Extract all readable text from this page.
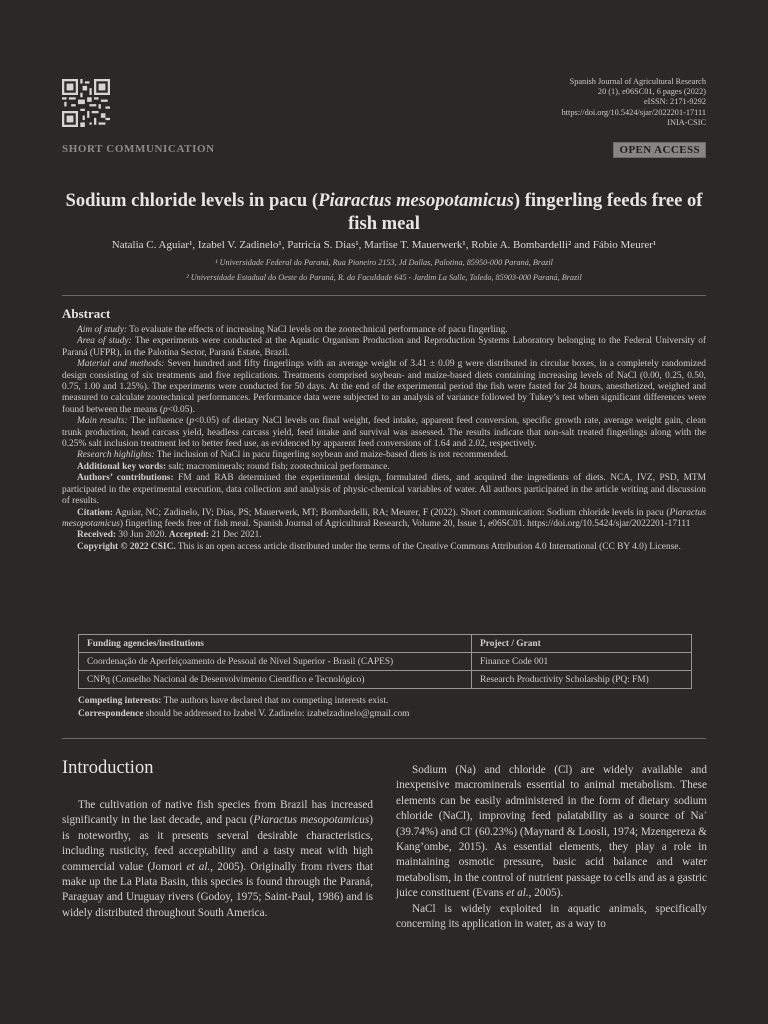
Spanish Journal of Agricultural Research
20 (1), e06SC01, 6 pages (2022)
eISSN: 2171-9292
https://doi.org/10.5424/sjar/2022201-17111
INIA-CSIC
SHORT COMMUNICATION	OPEN ACCESS
Sodium chloride levels in pacu (Piaractus mesopotamicus) fingerling feeds free of fish meal
Natalia C. Aguiar¹, Izabel V. Zadinelo¹, Patricia S. Dias¹, Marlise T. Mauerwerk¹, Robie A. Bombardelli² and Fábio Meurer¹
¹ Universidade Federal do Paraná, Rua Pioneiro 2153, Jd Dallas, Palotina, 85950-000 Paraná, Brazil
² Universidade Estadual do Oeste do Paraná, R. da Faculdade 645 - Jardim La Salle, Toledo, 85903-000 Paraná, Brazil
Abstract

Aim of study: To evaluate the effects of increasing NaCl levels on the zootechnical performance of pacu fingerling.

Area of study: The experiments were conducted at the Aquatic Organism Production and Reproduction Systems Laboratory belonging to the Federal University of Paraná (UFPR), in the Palotina Sector, Paraná Estate, Brazil.

Material and methods: Seven hundred and fifty fingerlings with an average weight of 3.41 ± 0.09 g were distributed in circular boxes, in a completely randomized design consisting of six treatments and five replications. Treatments comprised soybean- and maize-based diets containing increasing levels of NaCl (0.00, 0.25, 0.50, 0.75, 1.00 and 1.25%). The experiments were conducted for 50 days. At the end of the experimental period the fish were fasted for 24 hours, anesthetized, weighed and measured to calculate zootechnical performances. Performance data were subjected to an analysis of variance followed by Tukey’s test when significant differences were found between the means (p<0.05).

Main results: The influence (p<0.05) of dietary NaCl levels on final weight, feed intake, apparent feed conversion, specific growth rate, average weight gain, clean trunk production, head carcass yield, headless carcass yield, feed intake and survival was assessed. The results indicate that non-salt treated fingerlings along with the 0.25% salt inclusion treatment led to better feed use, as evidenced by apparent feed conversions of 1.64 and 2.02, respectively.

Research highlights: The inclusion of NaCl in pacu fingerling soybean and maize-based diets is not recommended.

Additional key words: salt; macrominerals; round fish; zootechnical performance.

Authors’ contributions: FM and RAB determined the experimental design, formulated diets, and acquired the ingredients of diets. NCA, IVZ, PSD, MTM participated in the experimental execution, data collection and analysis of physic-chemical variables of water. All authors participated in the article writing and discussion of results.

Citation: Aguiar, NC; Zadinelo, IV; Dias, PS; Mauerwerk, MT; Bombardelli, RA; Meurer, F (2022). Short communication: Sodium chloride levels in pacu (Piaractus mesopotamicus) fingerling feeds free of fish meal. Spanish Journal of Agricultural Research, Volume 20, Issue 1, e06SC01. https://doi.org/10.5424/sjar/2022201-17111

Received: 30 Jun 2020. Accepted: 21 Dec 2021.

Copyright © 2022 CSIC. This is an open access article distributed under the terms of the Creative Commons Attribution 4.0 International (CC BY 4.0) License.

Funding agencies/institutions	Project / Grant
Coordenação de Aperfeiçoamento de Pessoal de Nível Superior - Brasil (CAPES)	Finance Code 001
CNPq (Conselho Nacional de Desenvolvimento Científico e Tecnológico)	Research Productivity Scholarship (PQ: FM)
Competing interests: The authors have declared that no competing interests exist.
Correspondence should be addressed to Izabel V. Zadinelo: izabelzadinelo@gmail.com
Introduction

The cultivation of native fish species from Brazil has increased significantly in the last decade, and pacu (Piaractus mesopotamicus) is noteworthy, as it presents several desirable characteristics, including rusticity, feed acceptability and a tasty meat with high commercial value (Jomori et al., 2005). Originally from rivers that make up the La Plata Basin, this species is found through the Paraná, Paraguay and Uruguay rivers (Godoy, 1975; Saint-Paul, 1986) and is widely distributed throughout South America.

Sodium (Na) and chloride (Cl) are widely available and inexpensive macrominerals essential to animal metabolism. These elements can be easily administered in the form of dietary sodium chloride (NaCl), improving feed palatability as a source of Na+ (39.74%) and Cl- (60.23%) (Maynard & Loosli, 1974; Mzengereza & Kang’ombe, 2015). As essential elements, they play a role in maintaining osmotic pressure, basic acid balance and water metabolism, in the control of nutrient passage to cells and as a gastric juice constituent (Evans et al., 2005).

NaCl is widely exploited in aquatic animals, specifically concerning its application in water, as a way to
